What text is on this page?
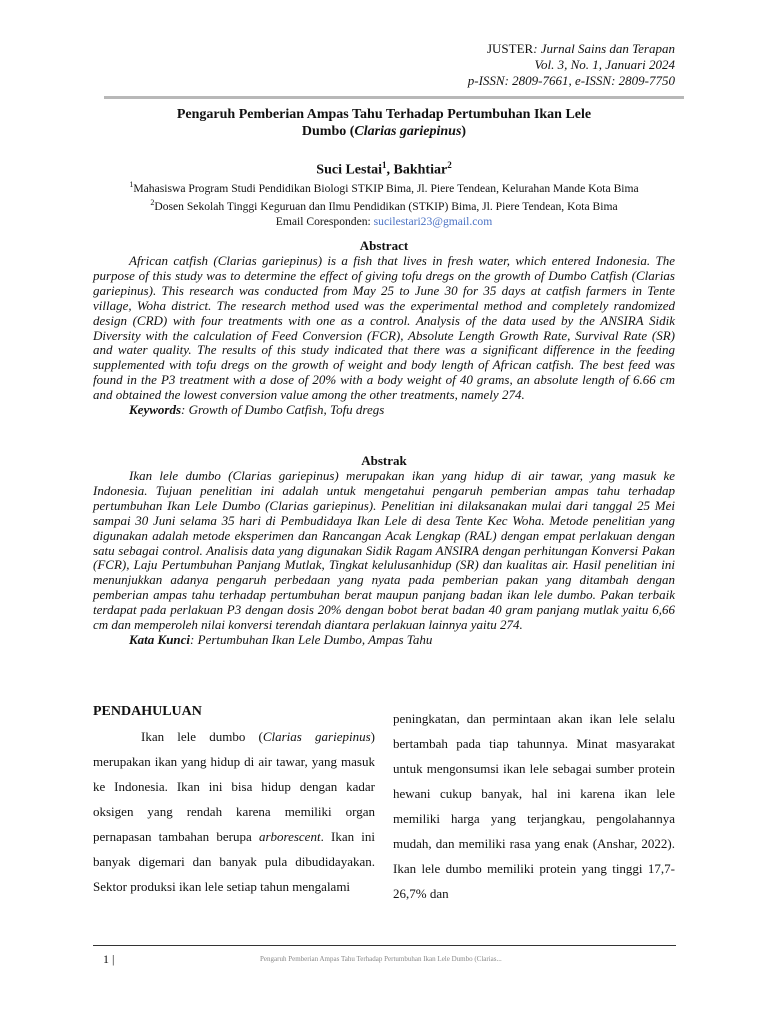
JUSTER: Jurnal Sains dan Terapan
Vol. 3, No. 1, Januari 2024
p-ISSN: 2809-7661, e-ISSN: 2809-7750
Pengaruh Pemberian Ampas Tahu Terhadap Pertumbuhan Ikan Lele
Dumbo (Clarias gariepinus)
Suci Lestai$^1$, Bakhtiar$^2$
$^1$Mahasiswa Program Studi Pendidikan Biologi STKIP Bima, Jl. Piere Tendean, Kelurahan Mande Kota Bima
$^2$Dosen Sekolah Tinggi Keguruan dan Ilmu Pendidikan (STKIP) Bima, Jl. Piere Tendean, Kota Bima
Email Coresponden: sucilestari23@gmail.com
Abstract

African catfish (Clarias gariepinus) is a fish that lives in fresh water, which entered Indonesia. The purpose of this study was to determine the effect of giving tofu dregs on the growth of Dumbo Catfish (Clarias gariepinus). This research was conducted from May 25 to June 30 for 35 days at catfish farmers in Tente village, Woha district. The research method used was the experimental method and completely randomized design (CRD) with four treatments with one as a control. Analysis of the data used by the ANSIRA Sidik Diversity with the calculation of Feed Conversion (FCR), Absolute Length Growth Rate, Survival Rate (SR) and water quality. The results of this study indicated that there was a significant difference in the feeding supplemented with tofu dregs on the growth of weight and body length of African catfish. The best feed was found in the P3 treatment with a dose of 20% with a body weight of 40 grams, an absolute length of 6.66 cm and obtained the lowest conversion value among the other treatments, namely 274.

Keywords: Growth of Dumbo Catfish, Tofu dregs

Abstrak

Ikan lele dumbo (Clarias gariepinus) merupakan ikan yang hidup di air tawar, yang masuk ke Indonesia. Tujuan penelitian ini adalah untuk mengetahui pengaruh pemberian ampas tahu terhadap pertumbuhan Ikan Lele Dumbo (Clarias gariepinus). Penelitian ini dilaksanakan mulai dari tanggal 25 Mei sampai 30 Juni selama 35 hari di Pembudidaya Ikan Lele di desa Tente Kec Woha. Metode penelitian yang digunakan adalah metode eksperimen dan Rancangan Acak Lengkap (RAL) dengan empat perlakuan dengan satu sebagai control. Analisis data yang digunakan Sidik Ragam ANSIRA dengan perhitungan Konversi Pakan (FCR), Laju Pertumbuhan Panjang Mutlak, Tingkat kelulusanhidup (SR) dan kualitas air. Hasil penelitian ini menunjukkan adanya pengaruh perbedaan yang nyata pada pemberian pakan yang ditambah dengan pemberian ampas tahu terhadap pertumbuhan berat maupun panjang badan ikan lele dumbo. Pakan terbaik terdapat pada perlakuan P3 dengan dosis 20% dengan bobot berat badan 40 gram panjang mutlak yaitu 6,66 cm dan memperoleh nilai konversi terendah diantara perlakuan lainnya yaitu 274.

Kata Kunci: Pertumbuhan Ikan Lele Dumbo, Ampas Tahu

PENDAHULUAN

Ikan lele dumbo (Clarias gariepinus) merupakan ikan yang hidup di air tawar, yang masuk ke Indonesia. Ikan ini bisa hidup dengan kadar oksigen yang rendah karena memiliki organ pernapasan tambahan berupa arborescent. Ikan ini banyak digemari dan banyak pula dibudidayakan. Sektor produksi ikan lele setiap tahun mengalami

peningkatan, dan permintaan akan ikan lele selalu bertambah pada tiap tahunnya. Minat masyarakat untuk mengonsumsi ikan lele sebagai sumber protein hewani cukup banyak, hal ini karena ikan lele memiliki harga yang terjangkau, pengolahannya mudah, dan memiliki rasa yang enak (Anshar, 2022). Ikan lele dumbo memiliki protein yang tinggi 17,7- 26,7% dan

1 |	Pengaruh Pemberian Ampas Tahu Terhadap Pertumbuhan Ikan Lele Dumbo (Clarias...
